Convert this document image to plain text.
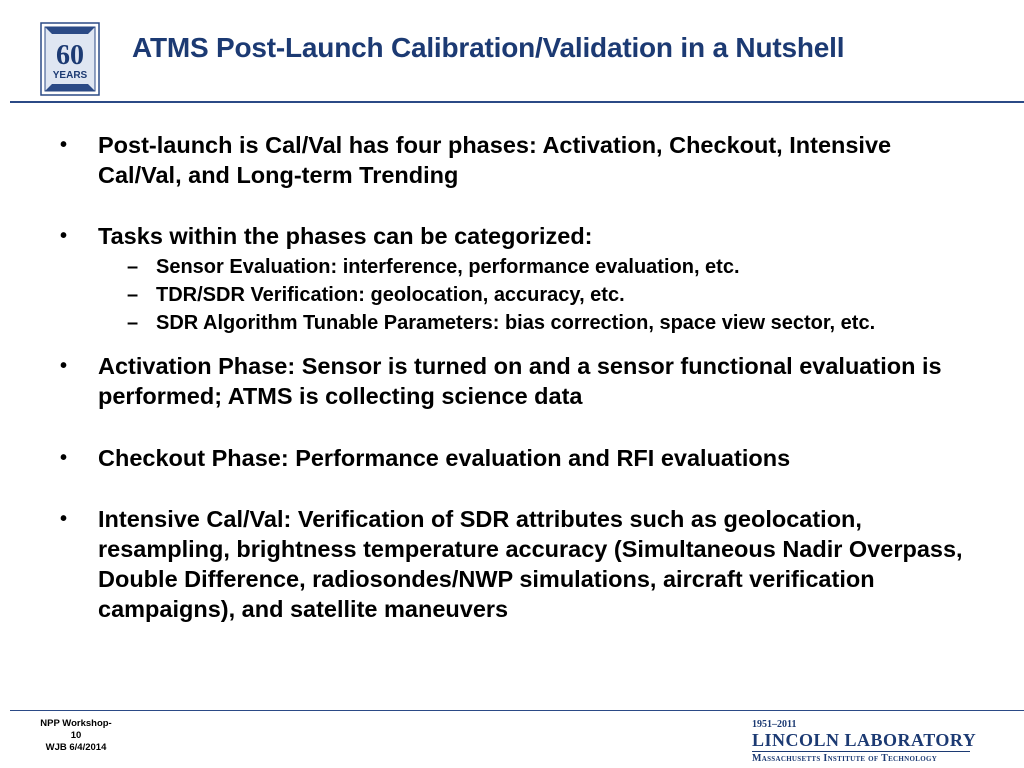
60
YEARS
ATMS Post-Launch Calibration/Validation in a Nutshell
• Post-launch is Cal/Val has four phases: Activation, Checkout, Intensive Cal/Val, and Long-term Trending
• Tasks within the phases can be categorized:
– Sensor Evaluation: interference, performance evaluation, etc.
– TDR/SDR Verification: geolocation, accuracy, etc.
– SDR Algorithm Tunable Parameters: bias correction, space view sector, etc.
• Activation Phase: Sensor is turned on and a sensor functional evaluation is performed; ATMS is collecting science data
• Checkout Phase: Performance evaluation and RFI evaluations
• Intensive Cal/Val: Verification of SDR attributes such as geolocation, resampling, brightness temperature accuracy (Simultaneous Nadir Overpass, Double Difference, radiosondes/NWP simulations, aircraft verification campaigns), and satellite maneuvers
NPP Workshop-10
WJB 6/4/2014
1951–2011
LINCOLN LABORATORY
Massachusetts Institute of Technology
